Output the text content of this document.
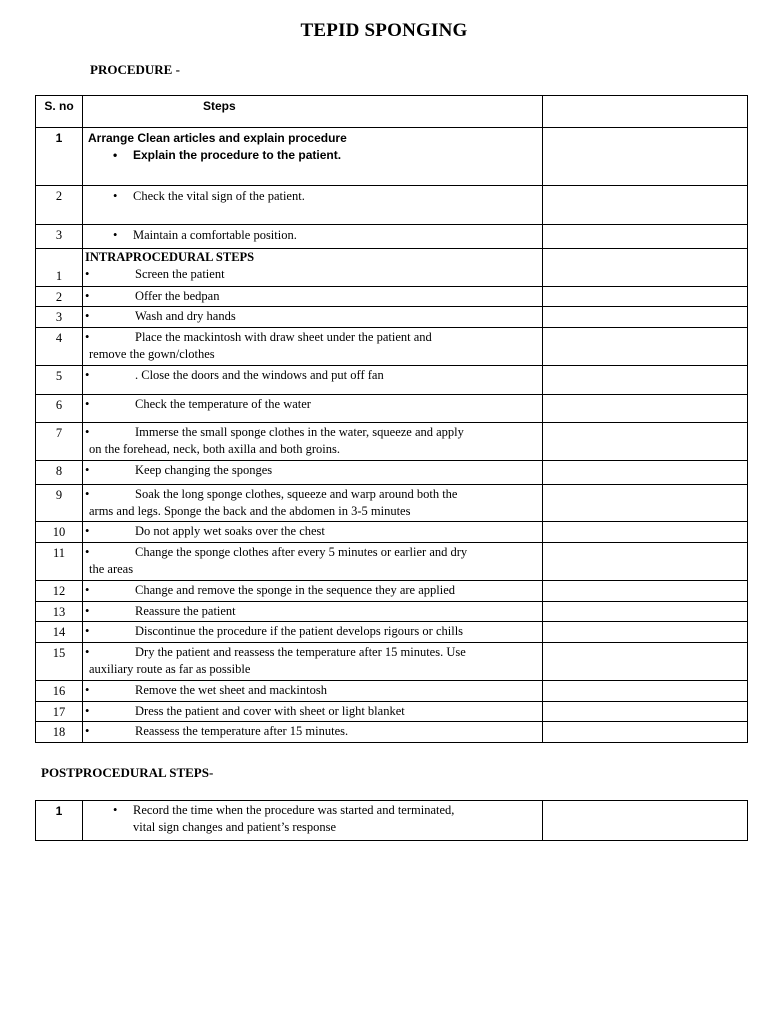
TEPID SPONGING
PROCEDURE -
S. no	Steps	
1	Arrange Clean articles and explain procedure
• Explain the procedure to the patient.	

2	• Check the vital sign of the patient.	

3	• Maintain a comfortable position.	

1	INTRAPROCEDURAL STEPS
• Screen the patient	

2	• Offer the bedpan	

3	• Wash and dry hands	

4	• Place the mackintosh with draw sheet under the patient and
remove the gown/clothes	

5	• . Close the doors and the windows and put off fan	

6	• Check the temperature of the water	

7	• Immerse the small sponge clothes in the water, squeeze and apply
on the forehead, neck, both axilla and both groins.	

8	• Keep changing the sponges	

9	• Soak the long sponge clothes, squeeze and warp around both the
arms and legs. Sponge the back and the abdomen in 3-5 minutes	

10	• Do not apply wet soaks over the chest	

11	• Change the sponge clothes after every 5 minutes or earlier and dry
the areas	

12	• Change and remove the sponge in the sequence they are applied	

13	• Reassure the patient	

14	• Discontinue the procedure if the patient develops rigours or chills	

15	• Dry the patient and reassess the temperature after 15 minutes. Use
auxiliary route as far as possible	

16	• Remove the wet sheet and mackintosh	

17	• Dress the patient and cover with sheet or light blanket	

18	• Reassess the temperature after 15 minutes.	

POSTPROCEDURAL STEPS-
1	•	Record the time when the procedure was started and terminated,
vital sign changes and patient’s response
